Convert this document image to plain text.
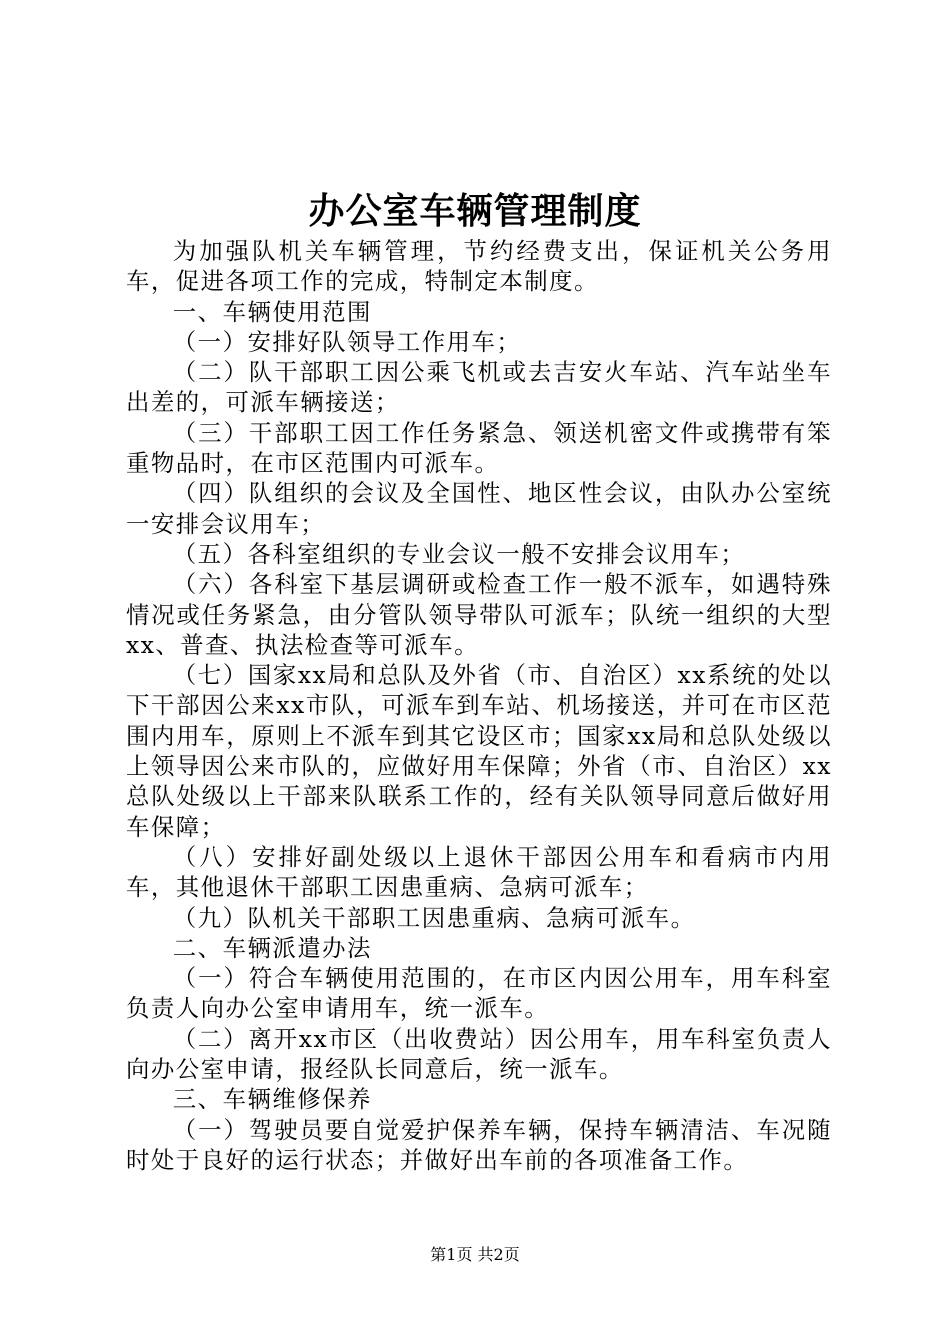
办公室车辆管理制度

为加强队机关车辆管理，节约经费支出，保证机关公务用车，促进各项工作的完成，特制定本制度。

一、车辆使用范围

（一）安排好队领导工作用车；

（二）队干部职工因公乘飞机或去吉安火车站、汽车站坐车出差的，可派车辆接送；

（三）干部职工因工作任务紧急、领送机密文件或携带有笨重物品时，在市区范围内可派车。

（四）队组织的会议及全国性、地区性会议，由队办公室统一安排会议用车；

（五）各科室组织的专业会议一般不安排会议用车；

（六）各科室下基层调研或检查工作一般不派车，如遇特殊情况或任务紧急，由分管队领导带队可派车；队统一组织的大型xx、普查、执法检查等可派车。

（七）国家xx局和总队及外省（市、自治区）xx系统的处以下干部因公来xx市队，可派车到车站、机场接送，并可在市区范围内用车，原则上不派车到其它设区市；国家xx局和总队处级以上领导因公来市队的，应做好用车保障；外省（市、自治区）xx总队处级以上干部来队联系工作的，经有关队领导同意后做好用车保障；

（八）安排好副处级以上退休干部因公用车和看病市内用车，其他退休干部职工因患重病、急病可派车；

（九）队机关干部职工因患重病、急病可派车。

二、车辆派遣办法

（一）符合车辆使用范围的，在市区内因公用车，用车科室负责人向办公室申请用车，统一派车。

（二）离开xx市区（出收费站）因公用车，用车科室负责人向办公室申请，报经队长同意后，统一派车。

三、车辆维修保养

（一）驾驶员要自觉爱护保养车辆，保持车辆清洁、车况随时处于良好的运行状态；并做好出车前的各项准备工作。

第1页 共2页
